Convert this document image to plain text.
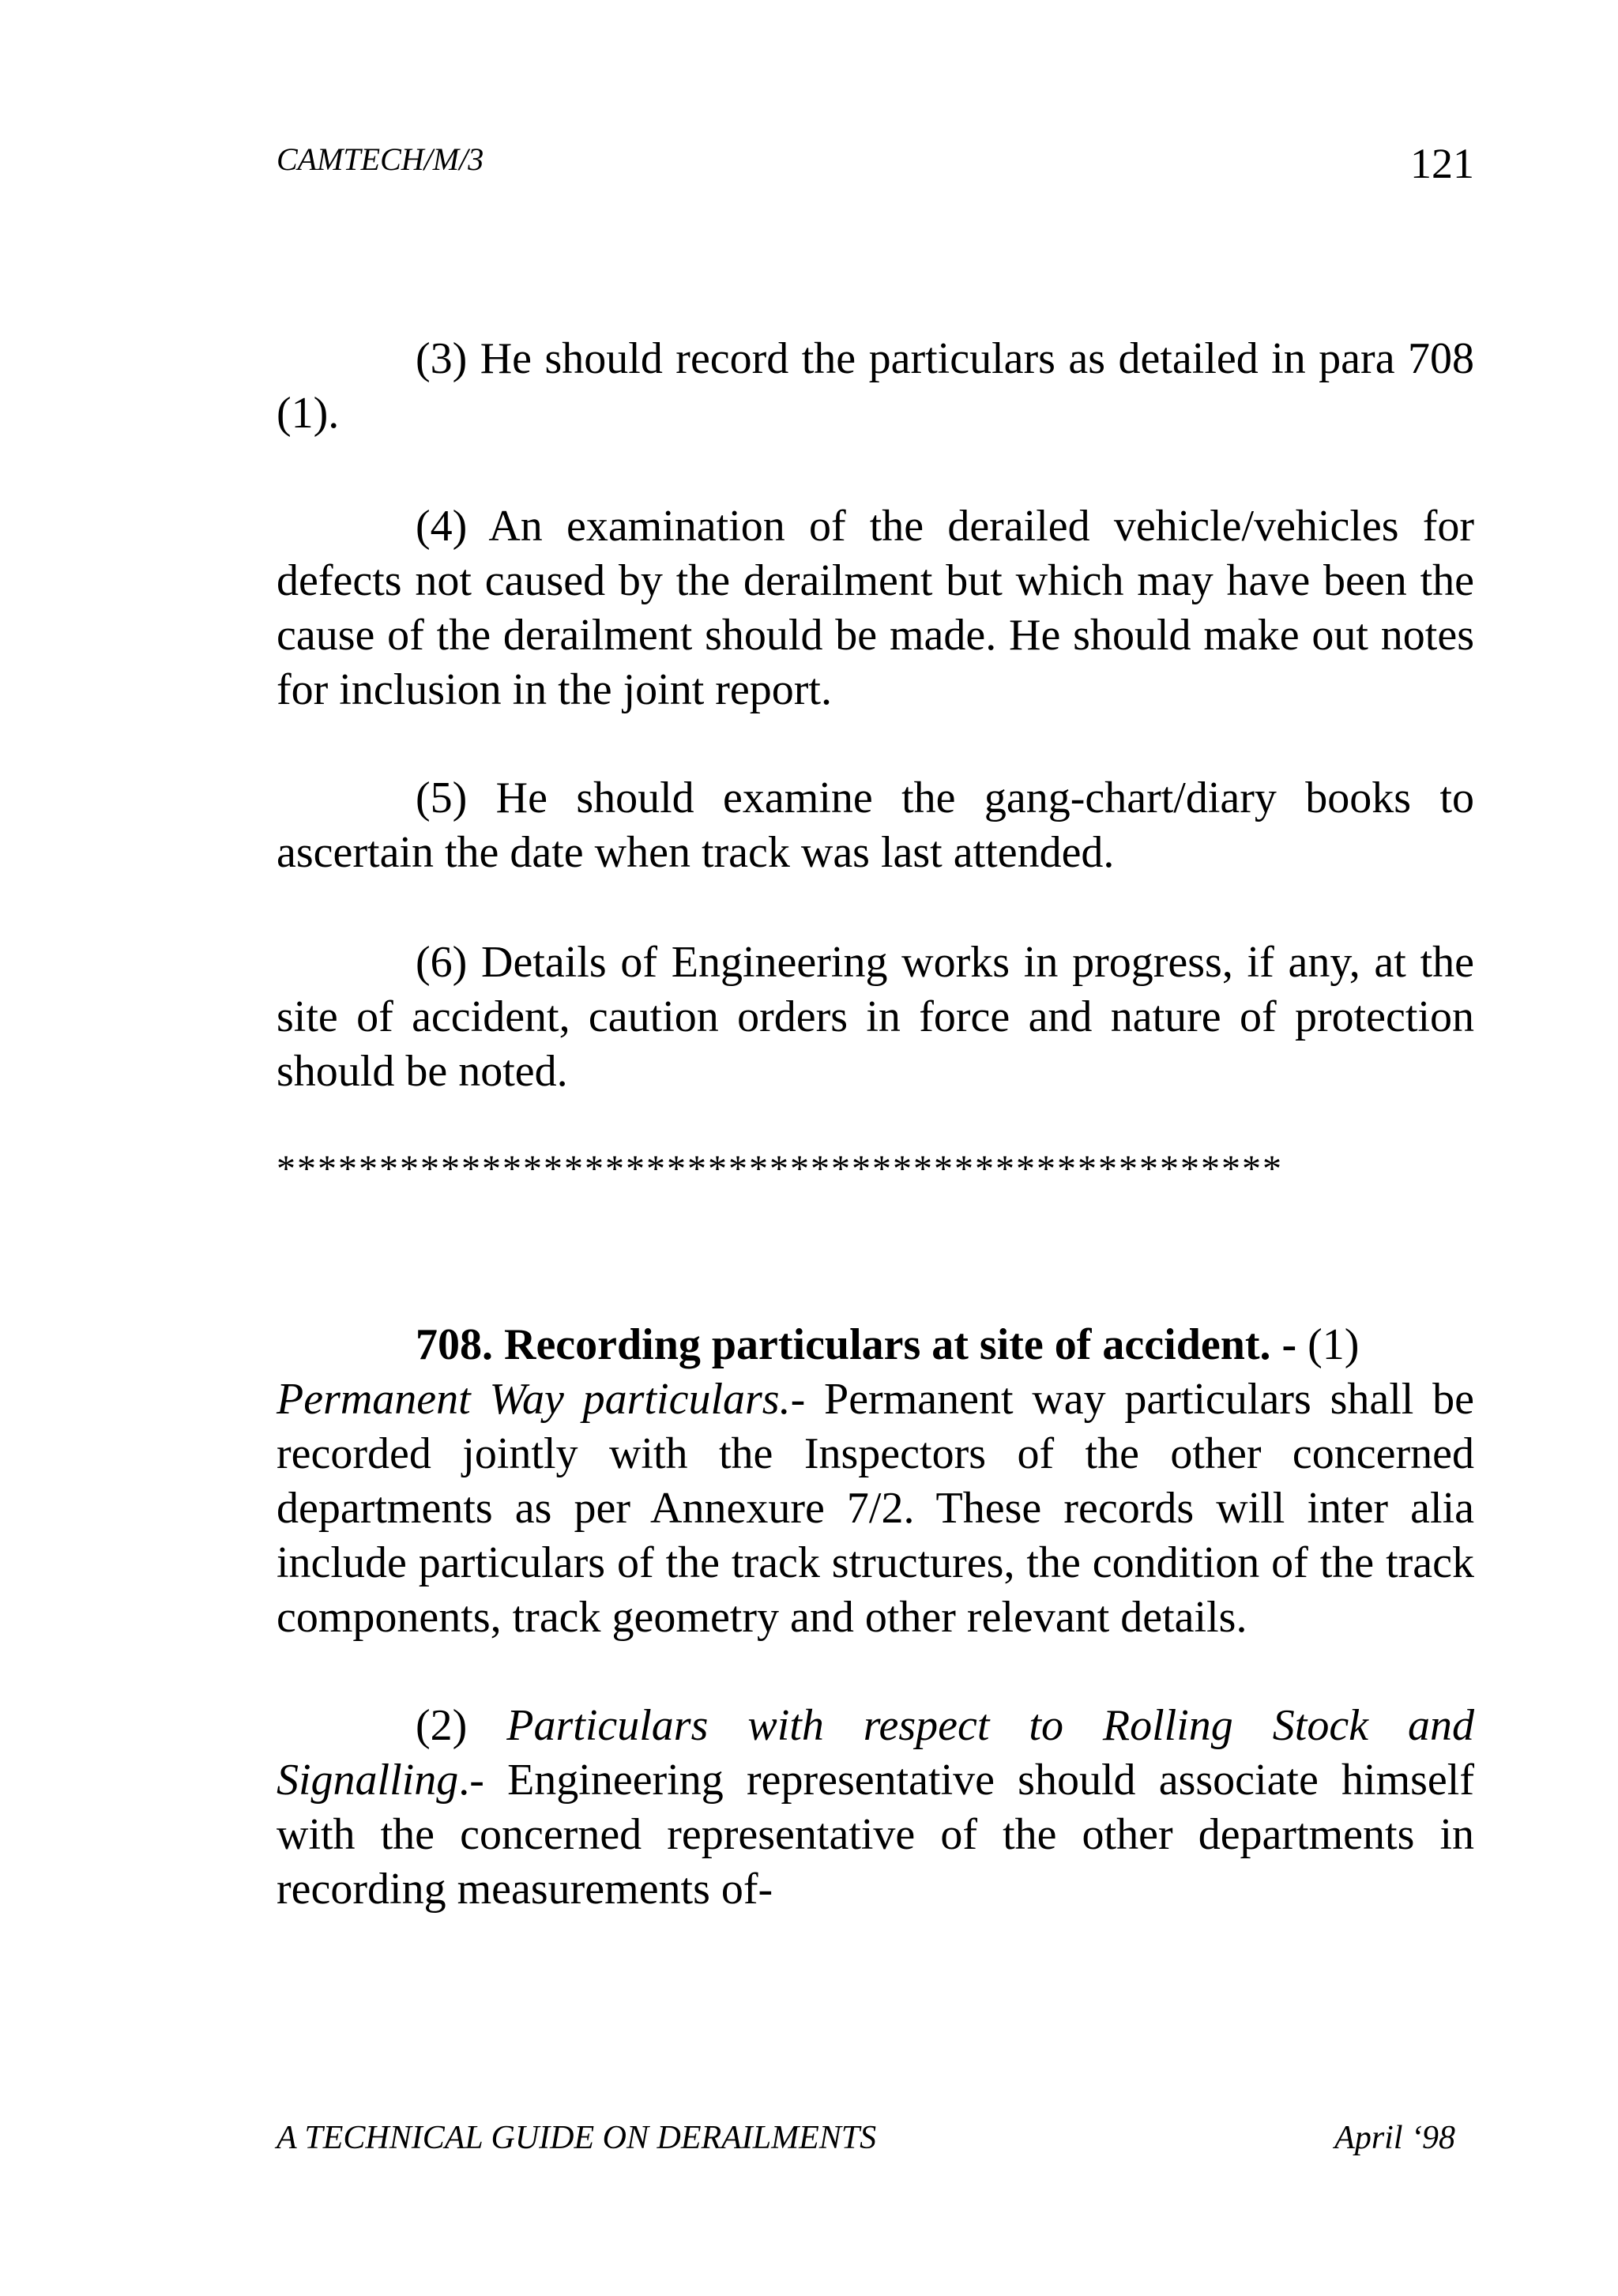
CAMTECH/M/3	121

(3) He should record the particulars as detailed in para 708 (1).

(4) An examination of the derailed vehicle/vehicles for defects not caused by the derailment but which may have been the cause of the derailment should be made. He should make out notes for inclusion in the joint report.

(5) He should examine the gang-chart/diary books to ascertain the date when track was last attended.

(6) Details of Engineering works in progress, if any, at the site of accident, caution orders in force and nature of protection should be noted.

*************************************************

708. Recording particulars at site of accident. - (1)
Permanent Way particulars.- Permanent way particulars shall be recorded jointly with the Inspectors of the other concerned departments as per Annexure 7/2. These records will inter alia include particulars of the track structures, the condition of the track components, track geometry and other relevant details.

(2) Particulars with respect to Rolling Stock and Signalling.- Engineering representative should associate himself with the concerned representative of the other departments in recording measurements of-

A TECHNICAL GUIDE ON DERAILMENTS	April ‘98
